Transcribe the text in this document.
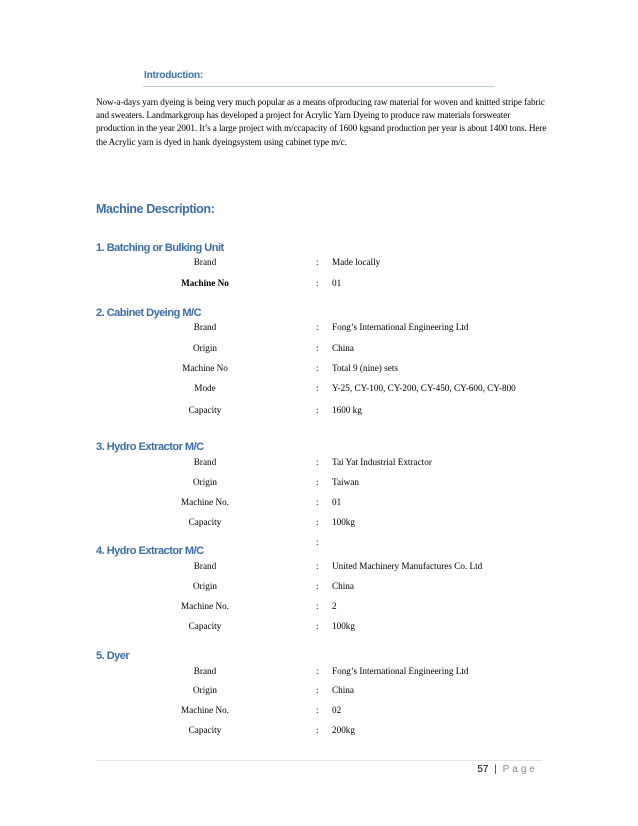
Introduction:

Now-a-days yarn dyeing is being very much popular as a means ofproducing raw material for woven and knitted stripe fabric and sweaters. Landmarkgroup has developed a project for Acrylic Yarn Dyeing to produce raw materials forsweater production in the year 2001. It’s a large project with m/ccapacity of 1600 kgsand production per year is about 1400 tons. Here the Acrylic yarn is dyed in hank dyeingsystem using cabinet type m/c.

Machine Description:
1. Batching or Bulking Unit
Brand	: Made locally
Machine No	: 01
2. Cabinet Dyeing M/C
Brand	: Fong’s International Engineering Ltd
Origin	: China
Machine No	: Total 9 (nine) sets
Mode	: Y-25, CY-100, CY-200, CY-450, CY-600, CY-800
Capacity	: 1600 kg
3. Hydro Extractor M/C
Brand	: Tai Yat Industrial Extractor
Origin	: Taiwan
Machine No.	: 01
Capacity	: 100kg
:
4. Hydro Extractor M/C
Brand	: United Machinery Manufactures Co. Ltd
Origin	: China
Machine No.	: 2
Capacity	: 100kg
5. Dyer
Brand	: Fong’s International Engineering Ltd
Origin	: China
Machine No.	: 02
Capacity	: 200kg
57 | Page
